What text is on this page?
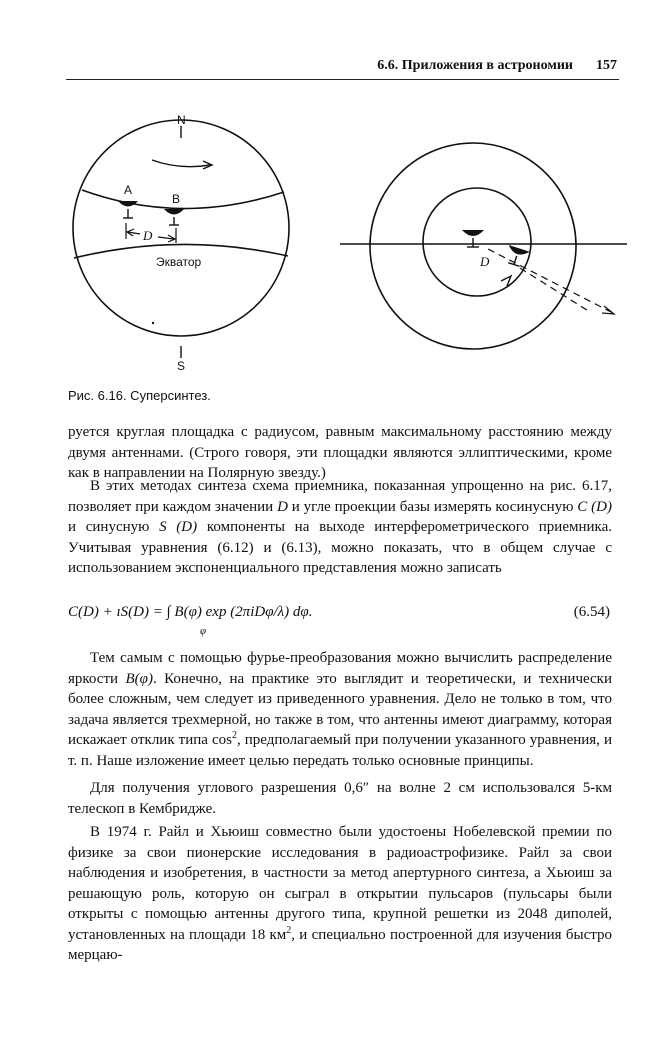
6.6. Приложения в астрономии 157
N
S
Экватор
A
B
D
D
Рис. 6.16. Суперсинтез.

руется круглая площадка с радиусом, равным максимальному расстоянию между двумя антеннами. (Строго говоря, эти площадки являются эллиптическими, кроме как в направлении на Полярную звезду.)

В этих методах синтеза схема приемника, показанная упрощенно на рис. 6.17, позволяет при каждом значении D и угле проекции базы измерять косинусную C (D) и синусную S (D) компоненты на выходе интерферометрического приемника. Учитывая уравнения (6.12) и (6.13), можно показать, что в общем случае с использованием экспоненциального представления можно записать

C(D) + ıS(D) = ∫ B(φ) exp (2πiDφ/λ) dφ.
φ
(6.54)

Тем самым с помощью фурье-преобразования можно вычислить распределение яркости B(φ). Конечно, на практике это выглядит и теоретически, и технически более сложным, чем следует из приведенного уравнения. Дело не только в том, что задача является трехмерной, но также в том, что антенны имеют диаграмму, которая искажает отклик типа $\cos^2$, предполагаемый при получении указанного уравнения, и т. п. Наше изложение имеет целью передать только основные принципы.

Для получения углового разрешения 0,6″ на волне 2 см использовался 5-км телескоп в Кембридже.

В 1974 г. Райл и Хьюиш совместно были удостоены Нобелевской премии по физике за свои пионерские исследования в радиоастрофизике. Райл за свои наблюдения и изобретения, в частности за метод апертурного синтеза, а Хьюиш за решающую роль, которую он сыграл в открытии пульсаров (пульсары были открыты с помощью антенны другого типа, крупной решетки из 2048 диполей, установленных на площади 18 $км^2$, и специально построенной для изучения быстро мерцаю-
